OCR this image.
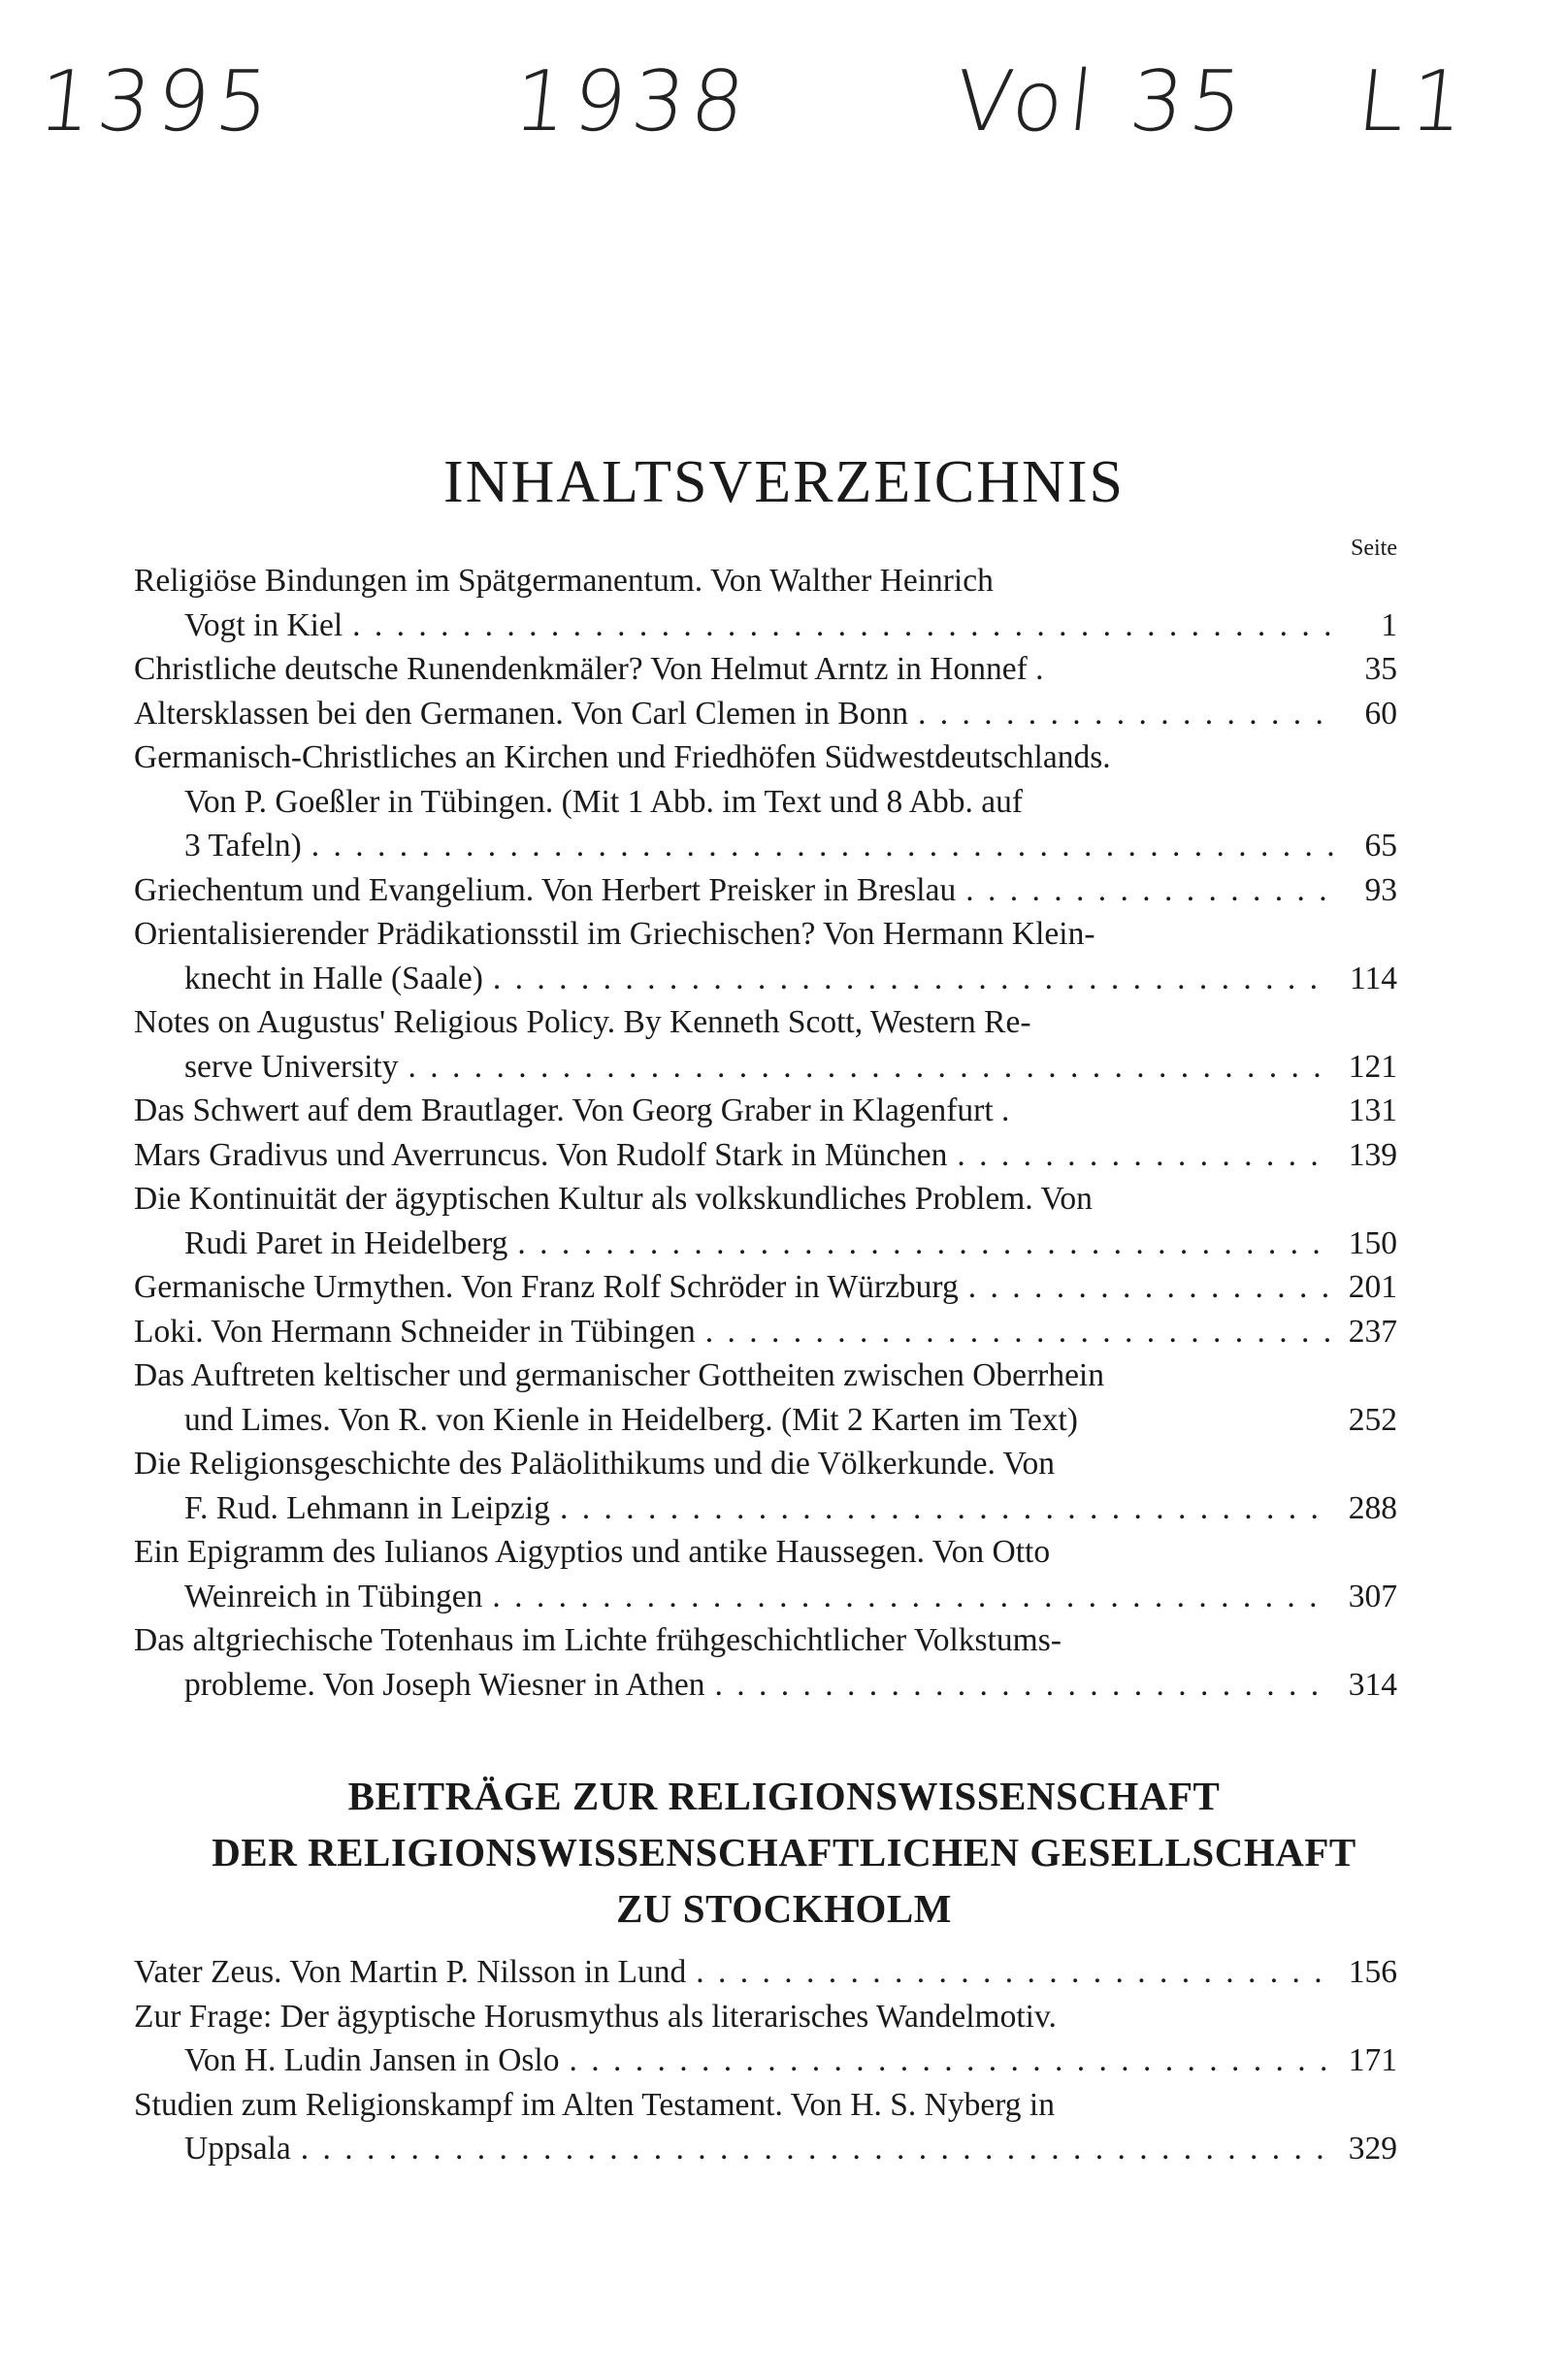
1395	1938 Vol 35 L1
INHALTSVERZEICHNIS
Seite
Religiöse Bindungen im Spätgermanentum. Von Walther Heinrich
Vogt in Kiel . . .	1
Christliche deutsche Runendenkmäler? Von Helmut Arntz in Honnef .	35
Altersklassen bei den Germanen. Von Carl Clemen in Bonn . . .	60
Germanisch-Christliches an Kirchen und Friedhöfen Südwestdeutschlands.
Von P. Goeßler in Tübingen. (Mit 1 Abb. im Text und 8 Abb. auf
3 Tafeln) . . .	65
Griechentum und Evangelium. Von Herbert Preisker in Breslau . . .	93
Orientalisierender Prädikationsstil im Griechischen? Von Hermann Klein-
knecht in Halle (Saale) . . .	114
Notes on Augustus' Religious Policy. By Kenneth Scott, Western Re-
serve University . . .	121
Das Schwert auf dem Brautlager. Von Georg Graber in Klagenfurt .	131
Mars Gradivus und Averruncus. Von Rudolf Stark in München . . .	139
Die Kontinuität der ägyptischen Kultur als volkskundliches Problem. Von
Rudi Paret in Heidelberg . . .	150
Germanische Urmythen. Von Franz Rolf Schröder in Würzburg . . .	201
Loki. Von Hermann Schneider in Tübingen . . .	237
Das Auftreten keltischer und germanischer Gottheiten zwischen Oberrhein
und Limes. Von R. von Kienle in Heidelberg. (Mit 2 Karten im Text)	252
Die Religionsgeschichte des Paläolithikums und die Völkerkunde. Von
F. Rud. Lehmann in Leipzig . . .	288
Ein Epigramm des Iulianos Aigyptios und antike Haussegen. Von Otto
Weinreich in Tübingen . . .	307
Das altgriechische Totenhaus im Lichte frühgeschichtlicher Volkstums-
probleme. Von Joseph Wiesner in Athen . . .	314
BEITRÄGE ZUR RELIGIONSWISSENSCHAFT
DER RELIGIONSWISSENSCHAFTLICHEN GESELLSCHAFT
ZU STOCKHOLM
Vater Zeus. Von Martin P. Nilsson in Lund . . .	156
Zur Frage: Der ägyptische Horusmythus als literarisches Wandelmotiv.
Von H. Ludin Jansen in Oslo . . .	171
Studien zum Religionskampf im Alten Testament. Von H. S. Nyberg in
Uppsala . . .	329
